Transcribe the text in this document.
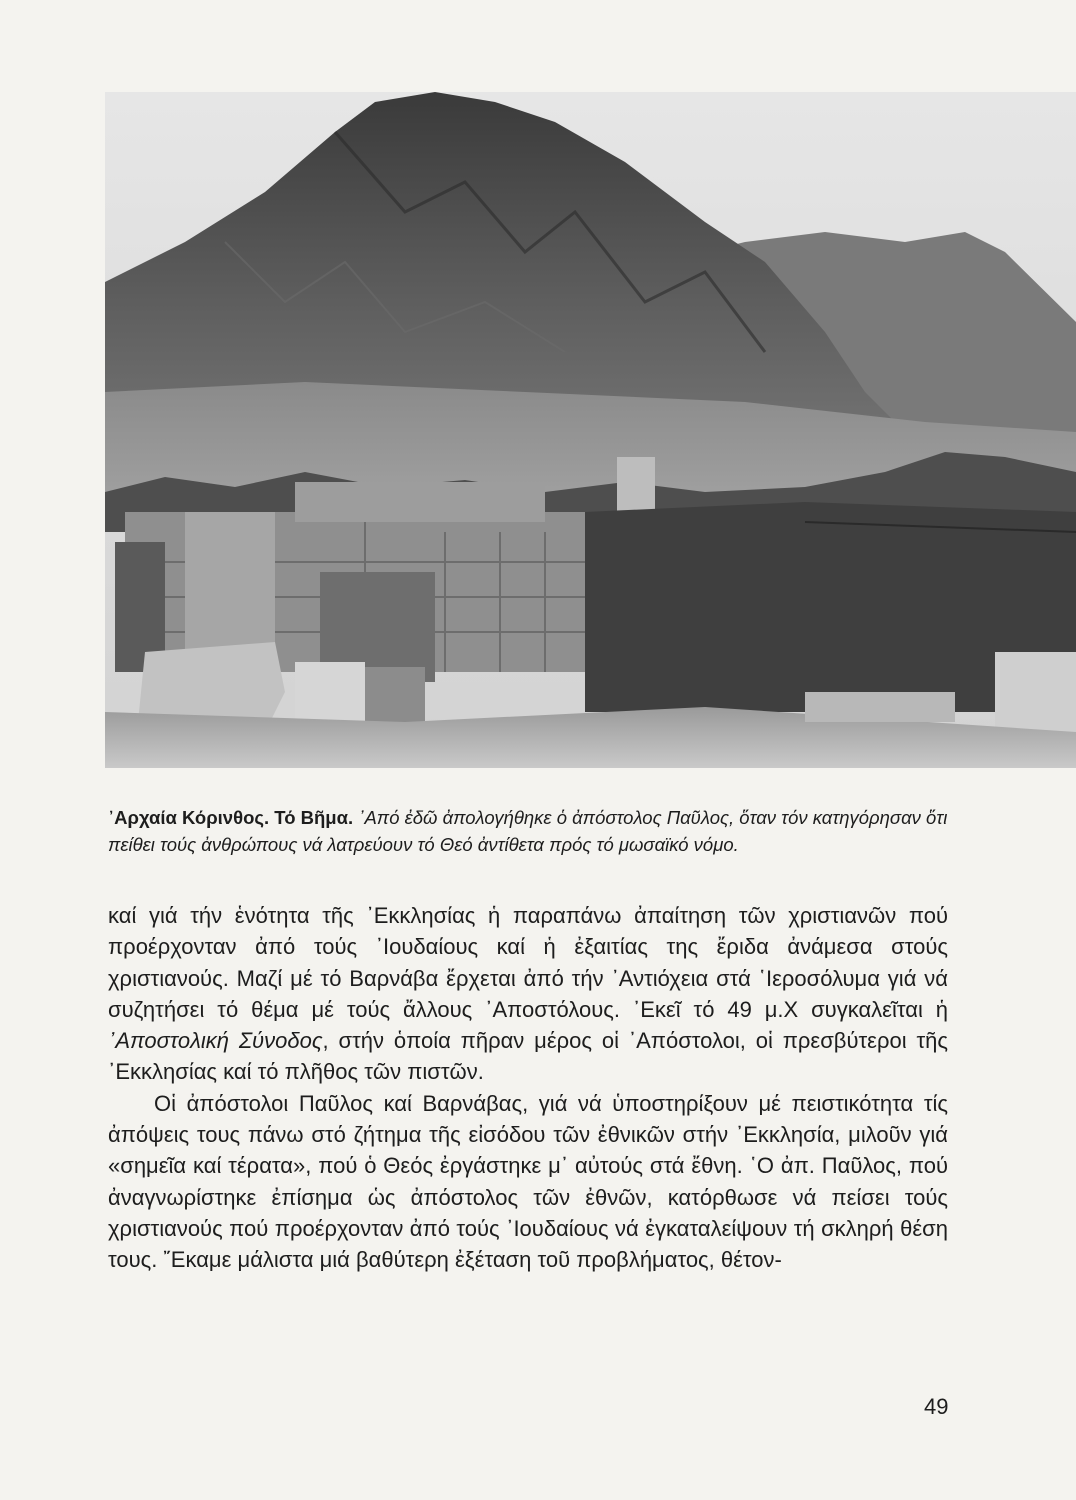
᾿Αρχαία Κόρινθος. Τό Βῆμα. ᾿Από ἐδῶ ἀπολογήθηκε ὁ ἀπόστολος Παῦλος, ὅταν τόν κατηγόρησαν ὅτι πείθει τούς ἀνθρώπους νά λατρεύουν τό Θεό ἀντίθετα πρός τό μωσαϊκό νόμο.

καί γιά τήν ἑνότητα τῆς ᾿Εκκλησίας ἡ παραπάνω ἀπαίτηση τῶν χριστιανῶν πού προέρχονταν ἀπό τούς ᾿Ιουδαίους καί ἡ ἐξαιτίας της ἔριδα ἀνάμεσα στούς χριστιανούς. Μαζί μέ τό Βαρνάβα ἔρχεται ἀπό τήν ᾿Αντιόχεια στά ῾Ιεροσόλυμα γιά νά συζητήσει τό θέμα μέ τούς ἄλλους ᾿Αποστόλους. ᾿Εκεῖ τό 49 μ.Χ συγκαλεῖται ἡ ᾿Αποστολική Σύνοδος, στήν ὁποία πῆραν μέρος οἱ ᾿Απόστολοι, οἱ πρεσβύτεροι τῆς ᾿Εκκλησίας καί τό πλῆθος τῶν πιστῶν.

Οἱ ἀπόστολοι Παῦλος καί Βαρνάβας, γιά νά ὑποστηρίξουν μέ πειστικότητα τίς ἀπόψεις τους πάνω στό ζήτημα τῆς εἰσόδου τῶν ἐθνικῶν στήν ᾿Εκκλησία, μιλοῦν γιά «σημεῖα καί τέρατα», πού ὁ Θεός ἐργάστηκε μ᾿ αὐτούς στά ἔθνη. ῾Ο ἀπ. Παῦλος, πού ἀναγνωρίστηκε ἐπίσημα ὡς ἀπόστολος τῶν ἐθνῶν, κατόρθωσε νά πείσει τούς χριστιανούς πού προέρχονταν ἀπό τούς ᾿Ιουδαίους νά ἐγκαταλείψουν τή σκληρή θέση τους. ῎Εκαμε μάλιστα μιά βαθύτερη ἐξέταση τοῦ προβλήματος, θέτον-

49
